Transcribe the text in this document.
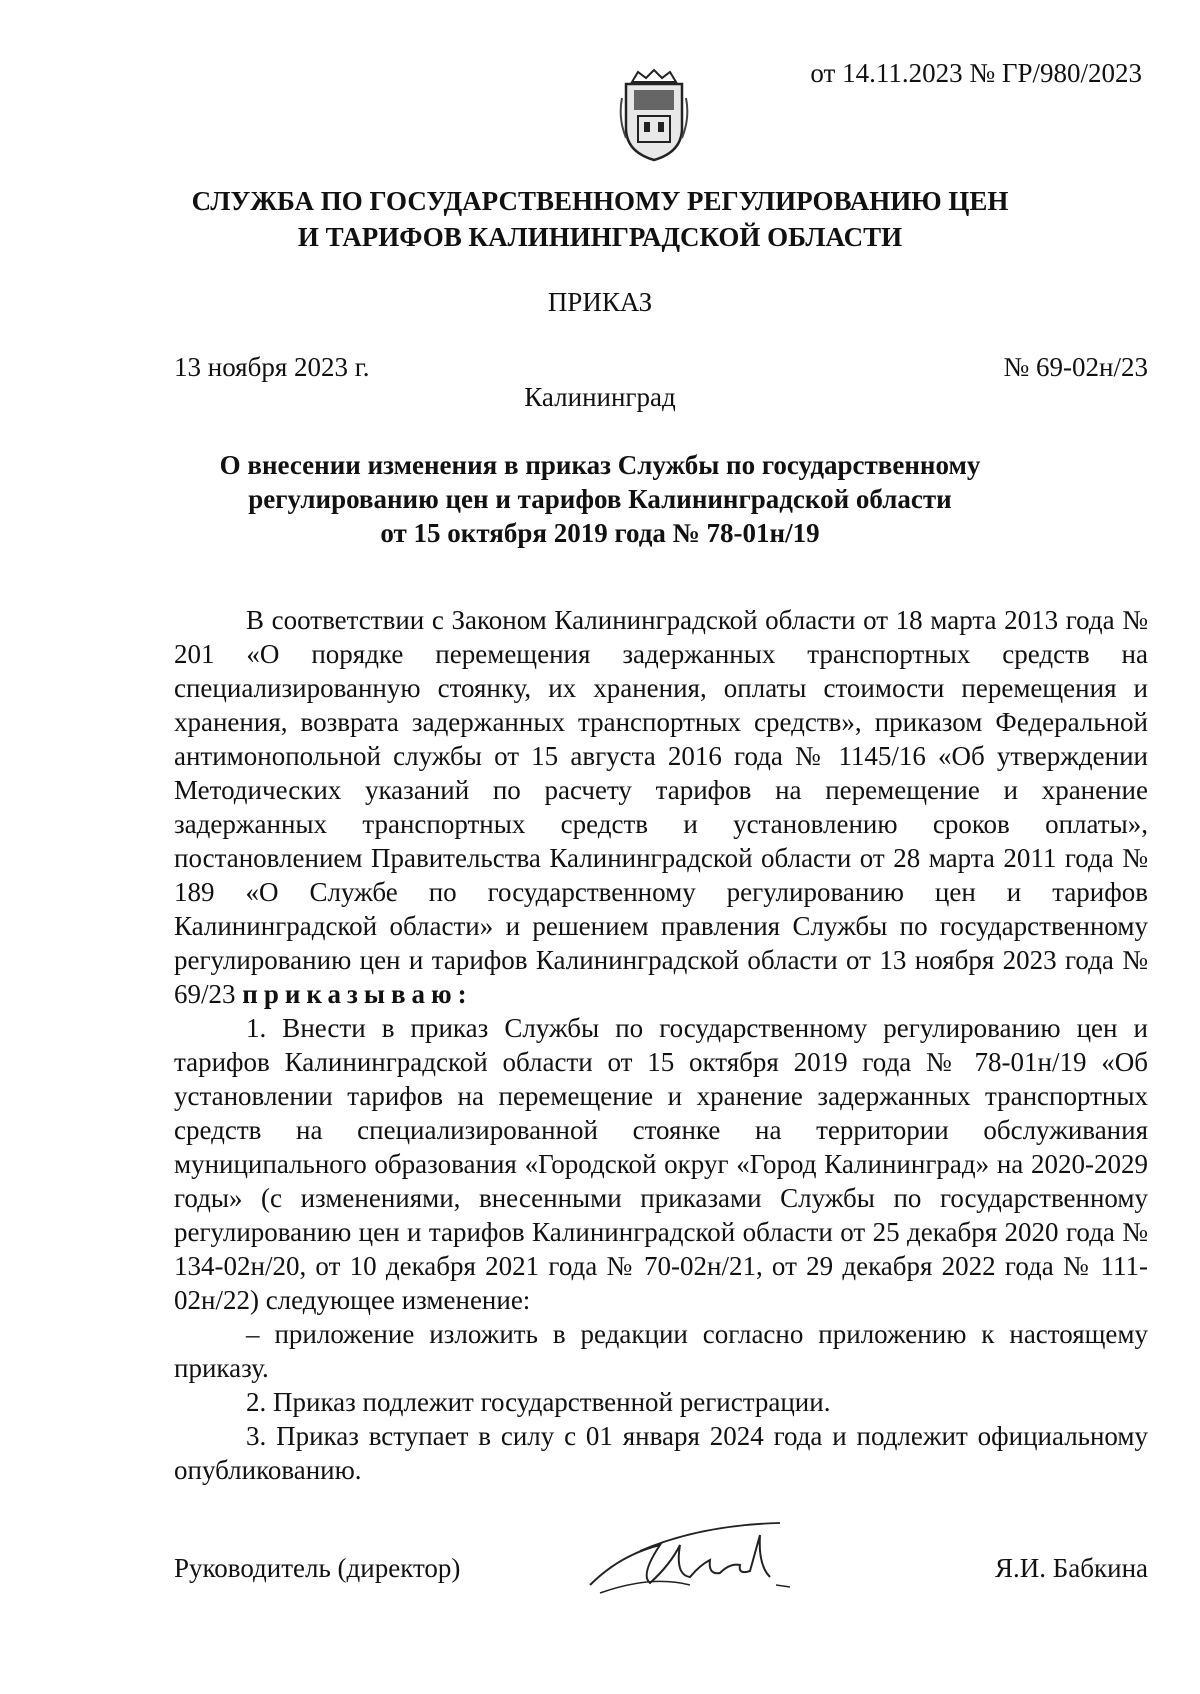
от 14.11.2023 № ГР/980/2023
СЛУЖБА ПО ГОСУДАРСТВЕННОМУ РЕГУЛИРОВАНИЮ ЦЕН
И ТАРИФОВ КАЛИНИНГРАДСКОЙ ОБЛАСТИ
ПРИКАЗ
13 ноября 2023 г.	№ 69-02н/23
Калининград
О внесении изменения в приказ Службы по государственному
регулированию цен и тарифов Калининградской области
от 15 октября 2019 года № 78-01н/19

В соответствии с Законом Калининградской области от 18 марта 2013 года № 201 «О порядке перемещения задержанных транспортных средств на специализированную стоянку, их хранения, оплаты стоимости перемещения и хранения, возврата задержанных транспортных средств», приказом Федеральной антимонопольной службы от 15 августа 2016 года № 1145/16 «Об утверждении Методических указаний по расчету тарифов на перемещение и хранение задержанных транспортных средств и установлению сроков оплаты», постановлением Правительства Калининградской области от 28 марта 2011 года № 189 «О Службе по государственному регулированию цен и тарифов Калининградской области» и решением правления Службы по государственному регулированию цен и тарифов Калининградской области от 13 ноября 2023 года № 69/23 приказываю:

1. Внести в приказ Службы по государственному регулированию цен и тарифов Калининградской области от 15 октября 2019 года № 78-01н/19 «Об установлении тарифов на перемещение и хранение задержанных транспортных средств на специализированной стоянке на территории обслуживания муниципального образования «Городской округ «Город Калининград» на 2020-2029 годы» (с изменениями, внесенными приказами Службы по государственному регулированию цен и тарифов Калининградской области от 25 декабря 2020 года № 134-02н/20, от 10 декабря 2021 года № 70-02н/21, от 29 декабря 2022 года № 111-02н/22) следующее изменение:

– приложение изложить в редакции согласно приложению к настоящему приказу.

2. Приказ подлежит государственной регистрации.

3. Приказ вступает в силу с 01 января 2024 года и подлежит официальному опубликованию.

Руководитель (директор)	Я.И. Бабкина
